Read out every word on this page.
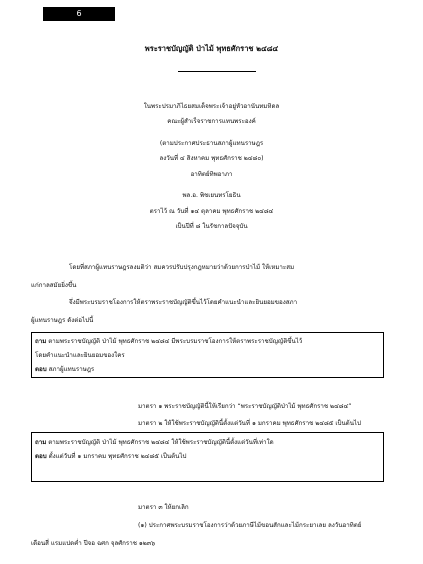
6
พระราชบัญญัติ ป่าไม้ พุทธศักราช ๒๔๘๔
ในพระปรมาภิไธยสมเด็จพระเจ้าอยู่หัวอานันทมหิดล
คณะผู้สำเร็จราชการแทนพระองค์
(ตามประกาศประธานสภาผู้แทนราษฎร
ลงวันที่ ๔ สิงหาคม พุทธศักราช ๒๔๘๐)
อาทิตย์ทิพอาภา
พล.อ. พิชเยนทรโยธิน
ตราไว้ ณ วันที่ ๑๔ ตุลาคม พุทธศักราช ๒๔๘๔
เป็นปีที่ ๘ ในรัชกาลปัจจุบัน
โดยที่สภาผู้แทนราษฎรลงมติว่า สมควรปรับปรุงกฎหมายว่าด้วยการป่าไม้ ให้เหมาะสม
แก่กาลสมัยยิ่งขึ้น
จึ่งมีพระบรมราชโองการให้ตราพระราชบัญญัติขึ้นไว้โดยคำแนะนำและยินยอมของสภา
ผู้แทนราษฎร ดังต่อไปนี้
ถาม ตามพระราชบัญญัติ ป่าไม้ พุทธศักราช ๒๔๘๔ มีพระบรมราชโองการให้ตราพระราชบัญญัติขึ้นไว้
โดยคำแนะนำและยินยอมของใคร
ตอบ สภาผู้แทนราษฎร
มาตรา ๑ พระราชบัญญัตินี้ให้เรียกว่า “พระราชบัญญัติป่าไม้ พุทธศักราช ๒๔๘๔”
มาตรา ๒ ให้ใช้พระราชบัญญัตินี้ตั้งแต่วันที่ ๑ มกราคม พุทธศักราช ๒๔๘๕ เป็นต้นไป
ถาม ตามพระราชบัญญัติ ป่าไม้ พุทธศักราช ๒๔๘๔ ให้ใช้พระราชบัญญัตินี้ตั้งแต่วันที่เท่าใด
ตอบ ตั้งแต่วันที่ ๑ มกราคม พุทธศักราช ๒๔๘๕ เป็นต้นไป
มาตรา ๓ ให้ยกเลิก
(๑) ประกาศพระบรมราชโองการว่าด้วยภาษีไม้ขอนสักและไม้กระยาเลย ลงวันอาทิตย์
เดือนสี่ แรมแปดค่ำ ปีจอ ฉศก จุลศักราช ๑๒๓๖
